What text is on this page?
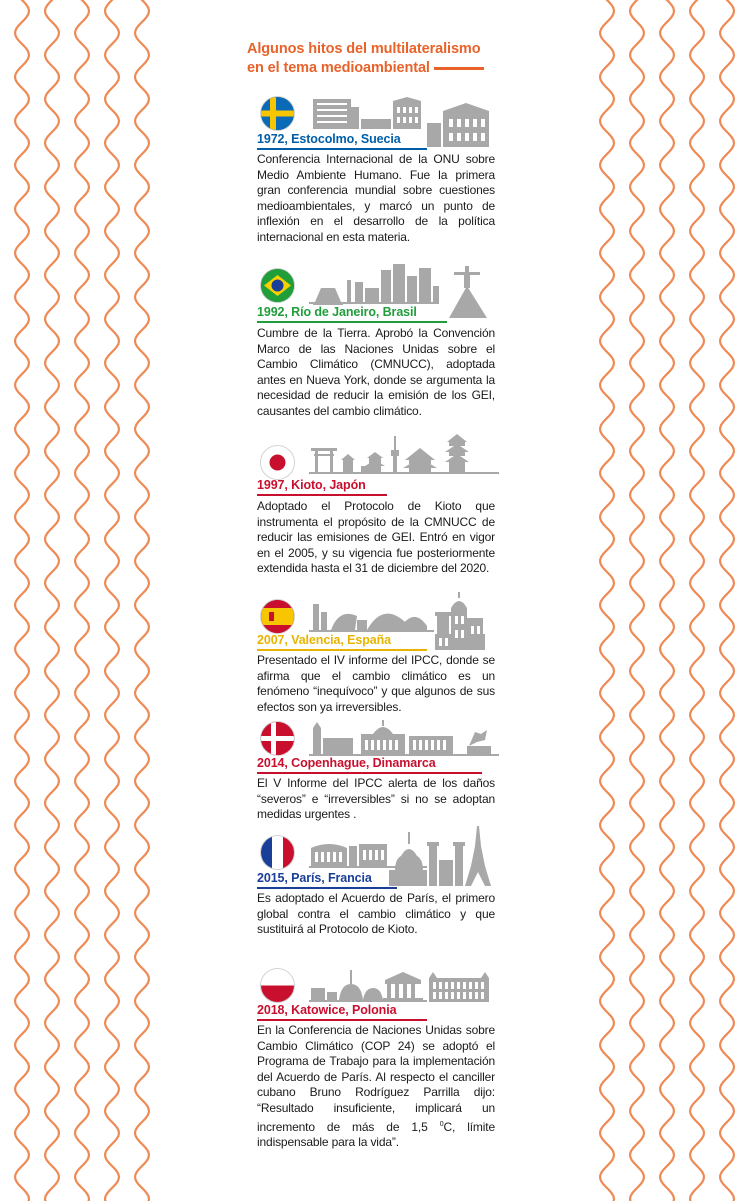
Algunos hitos del multilateralismo
en el tema medioambiental
1972, Estocolmo, Suecia
Conferencia Internacional de la ONU sobre Medio Ambiente Humano. Fue la primera gran conferencia mundial sobre cuestiones medioambientales, y marcó un punto de inflexión en el desarrollo de la política internacional en esta materia.
1992, Río de Janeiro, Brasil
Cumbre de la Tierra. Aprobó la Convención Marco de las Naciones Unidas sobre el Cambio Climático (CMNUCC), adoptada antes en Nueva York, donde se argumenta la necesidad de reducir la emisión de los GEI, causantes del cambio climático.
1997, Kioto, Japón
Adoptado el Protocolo de Kioto que instrumenta el propósito de la CMNUCC de reducir las emisiones de GEI. Entró en vigor en el 2005, y su vigencia fue posteriormente extendida hasta el 31 de diciembre del 2020.
2007, Valencia, España
Presentado el IV informe del IPCC, donde se afirma que el cambio climático es un fenómeno “inequívoco” y que algunos de sus efectos son ya irreversibles.
2014, Copenhague, Dinamarca
El V Informe del IPCC alerta de los daños “severos” e “irreversibles” si no se adoptan medidas urgentes .
2015, París, Francia
Es adoptado el Acuerdo de París, el primero global contra el cambio climático y que sustituirá al Protocolo de Kioto.
2018, Katowice, Polonia
En la Conferencia de Naciones Unidas sobre Cambio Climático (COP 24) se adoptó el Programa de Trabajo para la implementación del Acuerdo de París. Al respecto el canciller cubano Bruno Rodríguez Parrilla dijo: “Resultado insuficiente, implicará un incremento de más de 1,5 $^0$C, límite indispensable para la vida”.
